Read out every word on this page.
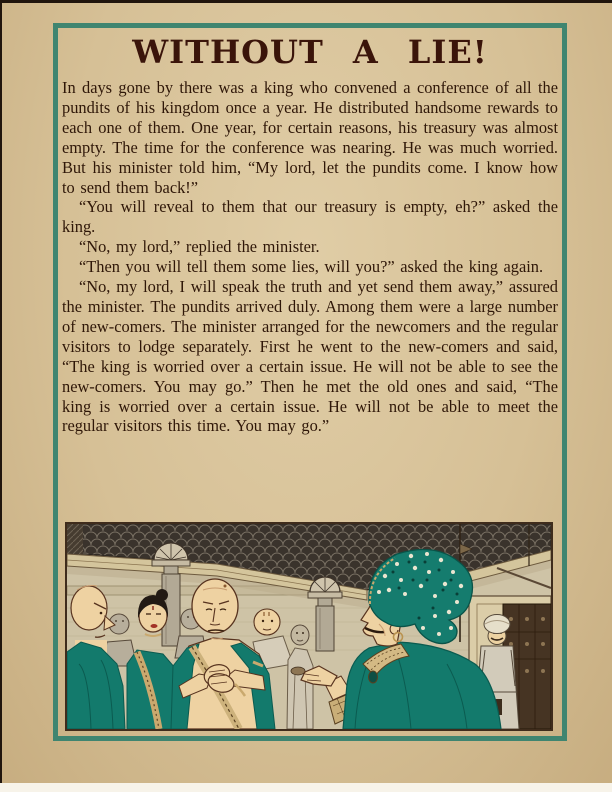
WITHOUT A LIE!

In days gone by there was a king who convened a conference of all the pundits of his kingdom once a year. He distributed handsome rewards to each one of them. One year, for certain reasons, his treasury was almost empty. The time for the conference was nearing. He was much worried. But his minister told him, “My lord, let the pundits come. I know how to send them back!”

“You will reveal to them that our treasury is empty, eh?” asked the king.

“No, my lord,” replied the minister.

“Then you will tell them some lies, will you?” asked the king again.

“No, my lord, I will speak the truth and yet send them away,” assured the minister. The pundits arrived duly. Among them were a large number of new-comers. The minister arranged for the newcomers and the regular visitors to lodge separately. First he went to the new-comers and said, “The king is worried over a certain issue. He will not be able to see the new-comers. You may go.” Then he met the old ones and said, “The king is worried over a certain issue. He will not be able to meet the regular visitors this time. You may go.”
